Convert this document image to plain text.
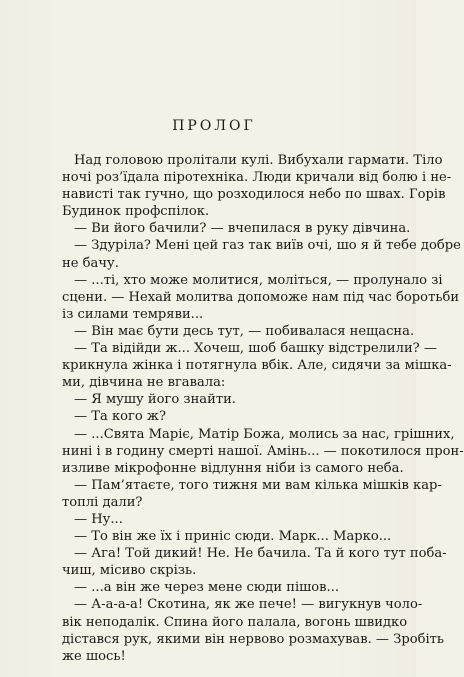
ПРОЛОГ
Над головою пролітали кулі. Вибухали гармати. Тіло
ночі роз’їдала піротехніка. Люди кричали від болю і не-
нависті так гучно, що розходилося небо по швах. Горів
Будинок профспілок.
— Ви його бачили? — вчепилася в руку дівчина.
— Здуріла? Мені цей газ так виїв очі, шо я й тебе добре
не бачу.
— ...ті, хто може молитися, моліться, — пролунало зі
сцени. — Нехай молитва допоможе нам під час боротьби
із силами темряви...
— Він має бути десь тут, — побивалася нещасна.
— Та відійди ж... Хочеш, шоб башку відстрелили? —
крикнула жінка і потягнула вбік. Але, сидячи за мішка-
ми, дівчина не вгавала:
— Я мушу його знайти.
— Та кого ж?
— ...Свята Маріє, Матір Божа, молись за нас, грішних,
нині і в годину смерті нашої. Амінь... — покотилося прон-
изливе мікрофонне відлуння ніби із самого неба.
— Пам’ятаєте, того тижня ми вам кілька мішків кар-
топлі дали?
— Ну...
— То він же їх і приніс сюди. Марк... Марко...
— Ага! Той дикий! Не. Не бачила. Та й кого тут поба-
чиш, місиво скрізь.
— ...а він же через мене сюди пішов...
— А-а-а-а! Скотина, як же пече! — вигукнув чоло-
вік неподалік. Спина його палала, вогонь швидко
дістався рук, якими він нервово розмахував. — Зробіть
же шось!
